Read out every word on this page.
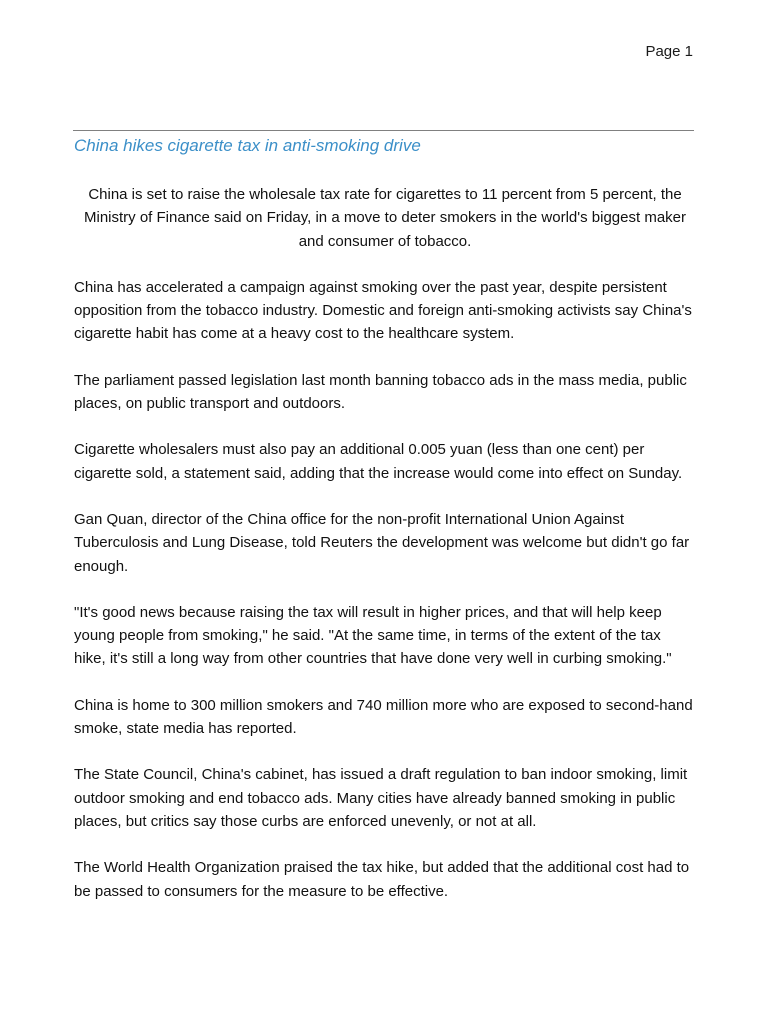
Page 1
China hikes cigarette tax in anti-smoking drive

China is set to raise the wholesale tax rate for cigarettes to 11 percent from 5 percent, the Ministry of Finance said on Friday, in a move to deter smokers in the world's biggest maker and consumer of tobacco.

China has accelerated a campaign against smoking over the past year, despite persistent opposition from the tobacco industry. Domestic and foreign anti-smoking activists say China's cigarette habit has come at a heavy cost to the healthcare system.

The parliament passed legislation last month banning tobacco ads in the mass media, public places, on public transport and outdoors.

Cigarette wholesalers must also pay an additional 0.005 yuan (less than one cent) per cigarette sold, a statement said, adding that the increase would come into effect on Sunday.

Gan Quan, director of the China office for the non-profit International Union Against Tuberculosis and Lung Disease, told Reuters the development was welcome but didn't go far enough.

"It's good news because raising the tax will result in higher prices, and that will help keep young people from smoking," he said. "At the same time, in terms of the extent of the tax hike, it's still a long way from other countries that have done very well in curbing smoking."

China is home to 300 million smokers and 740 million more who are exposed to second-hand smoke, state media has reported.

The State Council, China's cabinet, has issued a draft regulation to ban indoor smoking, limit outdoor smoking and end tobacco ads. Many cities have already banned smoking in public places, but critics say those curbs are enforced unevenly, or not at all.

The World Health Organization praised the tax hike, but added that the additional cost had to be passed to consumers for the measure to be effective.
